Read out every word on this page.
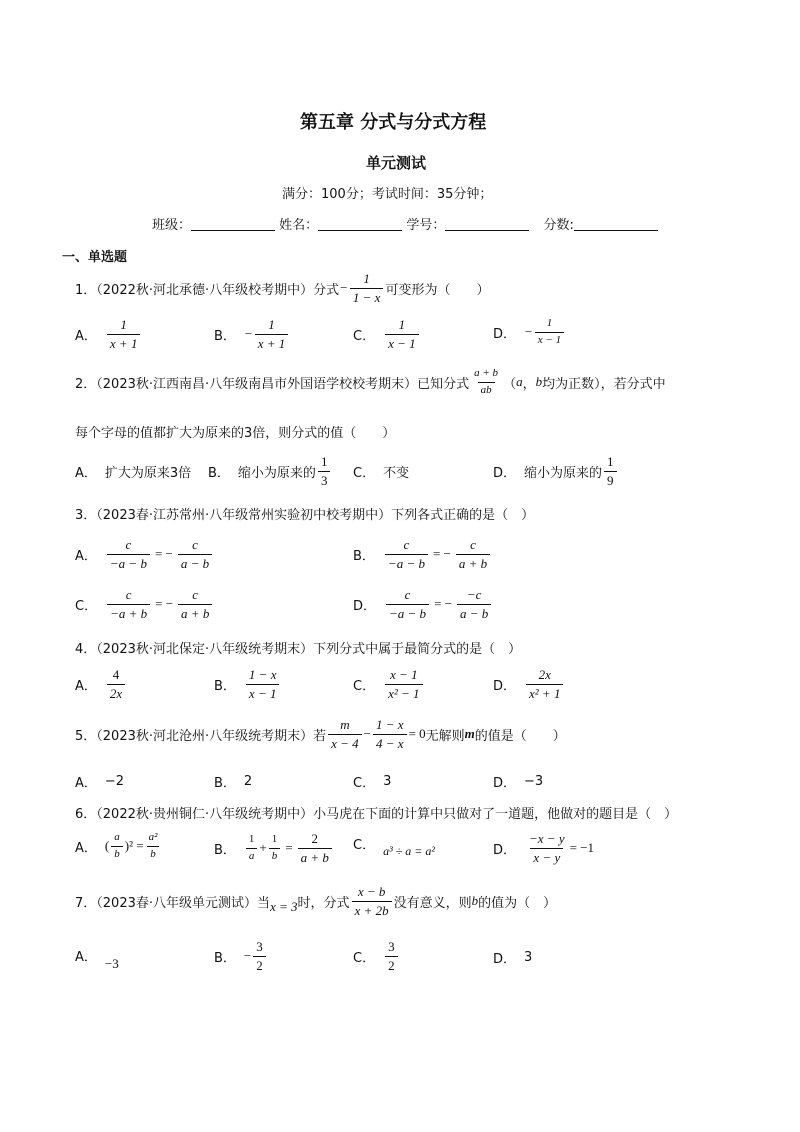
第五章 分式与分式方程
单元测试
满分：100分；考试时间：35分钟；
班级：	姓名：	学号：	分数:
一、单选题
1．（2022秋·河北承德·八年级校考期中）分式 − $\frac{1}{1 - x}$ 可变形为（　　）
A． $\frac{1}{x + 1}$	B． − $\frac{1}{x + 1}$	C． $\frac{1}{x - 1}$	D． − $\frac{1}{x - 1}$
2．（2023秋·江西南昌·八年级南昌市外国语学校校考期末）已知分式 $\frac{a + b}{ab}$ （ a ， b 均为正数），若分式中
每个字母的值都扩大为原来的3倍，则分式的值（　　）
A． 扩大为原来3倍 B． 缩小为原来的 $\frac{1}{3}$ C． 不变	D． 缩小为原来的 $\frac{1}{9}$
3．（2023春·江苏常州·八年级常州实验初中校考期中）下列各式正确的是（　）
A． $\frac{c}{-a - b}$ = − $\frac{c}{a - b}$	B． $\frac{c}{-a - b}$ = − $\frac{c}{a + b}$
C． $\frac{c}{-a + b}$ = − $\frac{c}{a + b}$	D． $\frac{c}{-a - b}$ = − $\frac{-c}{a - b}$
4．（2023秋·河北保定·八年级统考期末）下列分式中属于最简分式的是（　）
A． $\frac{4}{2x}$	B． $\frac{1 - x}{x - 1}$	C． $\frac{x - 1}{\text{x² − 1}}$	D． $\frac{2x}{\text{x² + 1}}$
5．（2023秋·河北沧州·八年级统考期末）若 $\frac{m}{x - 4} - \frac{1 - x}{4 - x} = 0$ 无解则 m 的值是（　　）
A． −2	B． 2	C． 3	D． −3
6．（2022秋·贵州铜仁·八年级统考期中）小马虎在下面的计算中只做对了一道题，他做对的题目是（　）
A． ( $\frac{a}{b} )^2 = \frac{\text{a²}}{b}$	B． $\frac{1}{a} + \frac{1}{b} = \frac{2}{a + b}$ C． a³ ÷ a = a²	D． $\frac{-x - y}{x - y} = -1$
7．（2023春·八年级单元测试）当 x = 3 时，分式 $\frac{x - b}{x + 2b}$ 没有意义，则 b 的值为（　）
A． −3	B． − $\frac{3}{2}$	C． $\frac{3}{2}$	D． 3
